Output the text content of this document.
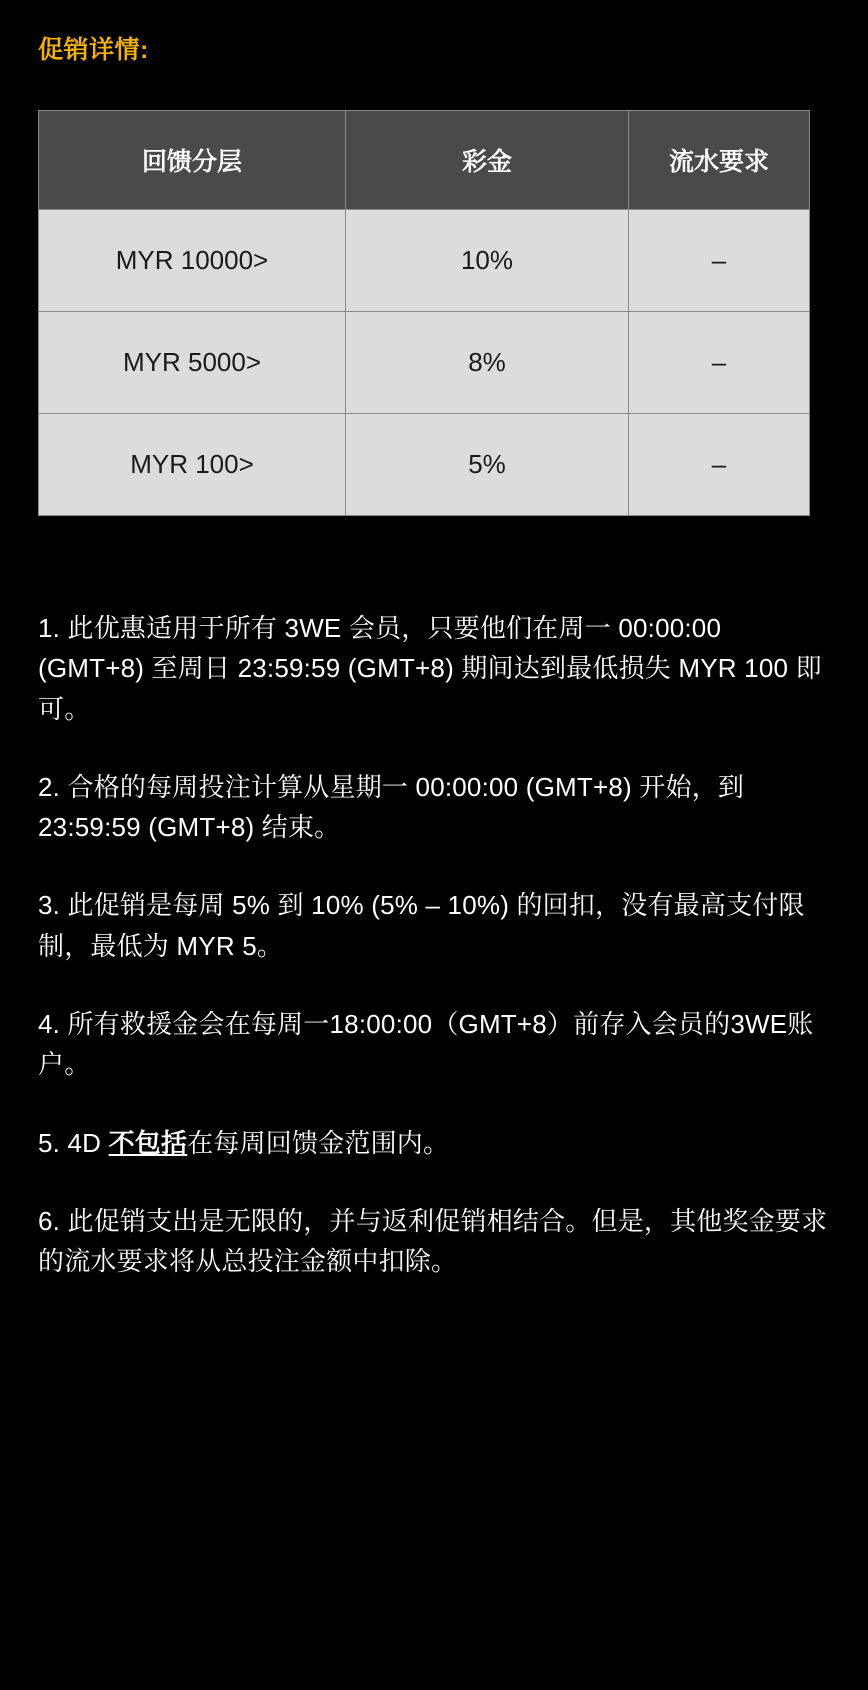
促销详情:
回馈分层	彩金	流水要求
MYR 10000>	10%	–
MYR 5000>	8%	–
MYR 100>	5%	–

1. 此优惠适用于所有 3WE 会员，只要他们在周一 00:00:00 (GMT+8) 至周日 23:59:59 (GMT+8) 期间达到最低损失 MYR 100 即可。

2. 合格的每周投注计算从星期一 00:00:00 (GMT+8) 开始，到 23:59:59 (GMT+8) 结束。

3. 此促销是每周 5% 到 10% (5% – 10%) 的回扣，没有最高支付限制，最低为 MYR 5。

4. 所有救援金会在每周一18:00:00（GMT+8）前存入会员的3WE账户。

5. 4D 不包括在每周回馈金范围内。

6. 此促销支出是无限的，并与返利促销相结合。但是，其他奖金要求的流水要求将从总投注金额中扣除。
